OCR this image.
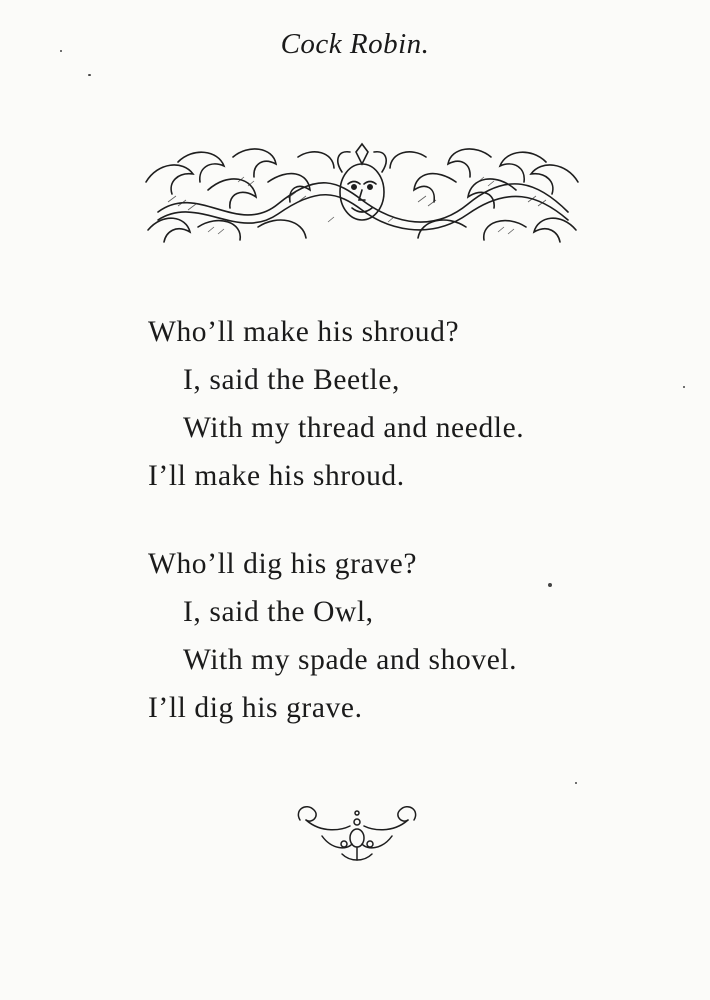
Cock Robin.
Who’ll make his shroud?
I, said the Beetle,
With my thread and needle.
I’ll make his shroud.
Who’ll dig his grave?
I, said the Owl,
With my spade and shovel.
I’ll dig his grave.
